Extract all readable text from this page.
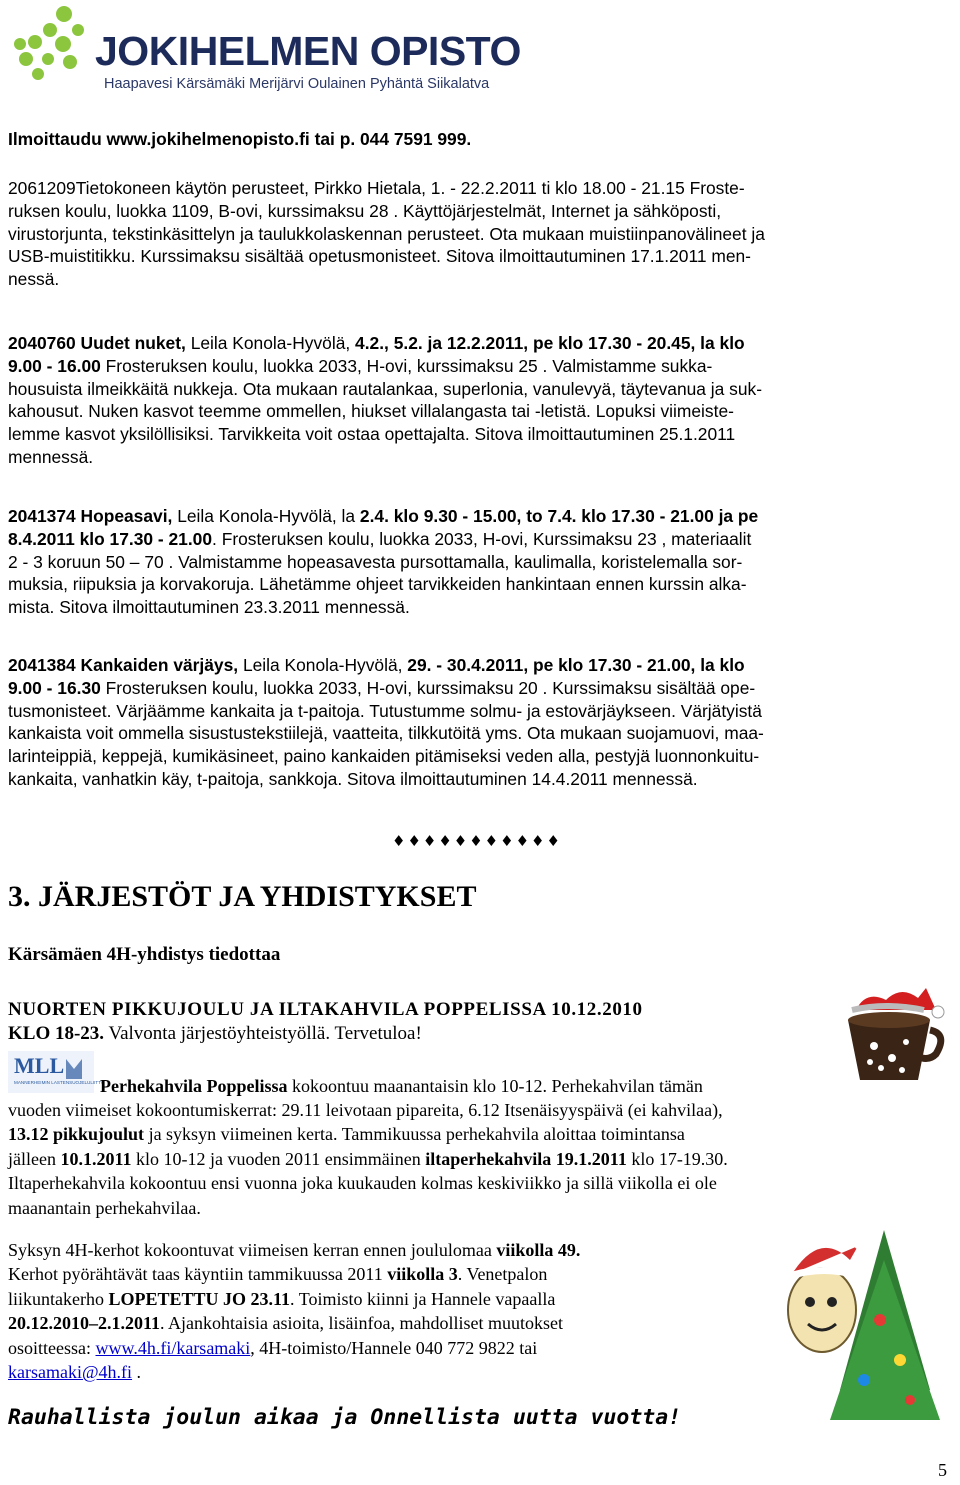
JOKIHELMEN OPISTO
Haapavesi Kärsämäki Merijärvi Oulainen Pyhäntä Siikalatva

Ilmoittaudu www.jokihelmenopisto.fi tai p. 044 7591 999.

2061209Tietokoneen käytön perusteet, Pirkko Hietala, 1. - 22.2.2011 ti klo 18.00 - 21.15 Froste-

ruksen koulu, luokka 1109, B-ovi, kurssimaksu 28 . Käyttöjärjestelmät, Internet ja sähköposti,

virustorjunta, tekstinkäsittelyn ja taulukkolaskennan perusteet. Ota mukaan muistiinpanovälineet ja

USB-muistitikku. Kurssimaksu sisältää opetusmonisteet. Sitova ilmoittautuminen 17.1.2011 men-

nessä.

2040760 Uudet nuket, Leila Konola-Hyvölä, 4.2., 5.2. ja 12.2.2011, pe klo 17.30 - 20.45, la klo

9.00 - 16.00 Frosteruksen koulu, luokka 2033, H-ovi, kurssimaksu 25 . Valmistamme sukka-

housuista ilmeikkäitä nukkeja. Ota mukaan rautalankaa, superlonia, vanulevyä, täytevanua ja suk-

kahousut. Nuken kasvot teemme ommellen, hiukset villalangasta tai -letistä. Lopuksi viimeiste-

lemme kasvot yksilöllisiksi. Tarvikkeita voit ostaa opettajalta. Sitova ilmoittautuminen 25.1.2011

mennessä.

2041374 Hopeasavi, Leila Konola-Hyvölä, la 2.4. klo 9.30 - 15.00, to 7.4. klo 17.30 - 21.00 ja pe

8.4.2011 klo 17.30 - 21.00. Frosteruksen koulu, luokka 2033, H-ovi, Kurssimaksu 23 , materiaalit

2 - 3 koruun 50 – 70 . Valmistamme hopeasavesta pursottamalla, kaulimalla, koristelemalla sor-

muksia, riipuksia ja korvakoruja. Lähetämme ohjeet tarvikkeiden hankintaan ennen kurssin alka-

mista. Sitova ilmoittautuminen 23.3.2011 mennessä.

2041384 Kankaiden värjäys, Leila Konola-Hyvölä, 29. - 30.4.2011, pe klo 17.30 - 21.00, la klo

9.00 - 16.30 Frosteruksen koulu, luokka 2033, H-ovi, kurssimaksu 20 . Kurssimaksu sisältää ope-

tusmonisteet. Värjäämme kankaita ja t-paitoja. Tutustumme solmu- ja estovärjäykseen. Värjätyistä

kankaista voit ommella sisustustekstiilejä, vaatteita, tilkkutöitä yms. Ota mukaan suojamuovi, maa-

larinteippiä, keppejä, kumikäsineet, paino kankaiden pitämiseksi veden alla, pestyjä luonnonkuitu-

kankaita, vanhatkin käy, t-paitoja, sankkoja. Sitova ilmoittautuminen 14.4.2011 mennessä.

♦♦♦♦♦♦♦♦♦♦♦
3. JÄRJESTÖT JA YHDISTYKSET
Kärsämäen 4H-yhdistys tiedottaa
NUORTEN PIKKUJOULU JA ILTAKAHVILA POPPELISSA 10.12.2010
KLO 18-23. Valvonta järjestöyhteistyöllä. Tervetuloa!
MLL
MANNERHEIMIN LASTENSUOJELULIITTO

Perhekahvila Poppelissa kokoontuu maanantaisin klo 10-12. Perhekahvilan tämän

vuoden viimeiset kokoontumiskerrat: 29.11 leivotaan pipareita, 6.12 Itsenäisyyspäivä (ei kahvilaa),

13.12 pikkujoulut ja syksyn viimeinen kerta. Tammikuussa perhekahvila aloittaa toimintansa

jälleen 10.1.2011 klo 10-12 ja vuoden 2011 ensimmäinen iltaperhekahvila 19.1.2011 klo 17-19.30.

Iltaperhekahvila kokoontuu ensi vuonna joka kuukauden kolmas keskiviikko ja sillä viikolla ei ole

maanantain perhekahvilaa.

Syksyn 4H-kerhot kokoontuvat viimeisen kerran ennen joululomaa viikolla 49.

Kerhot pyörähtävät taas käyntiin tammikuussa 2011 viikolla 3. Venetpalon

liikuntakerho LOPETETTU JO 23.11. Toimisto kiinni ja Hannele vapaalla

20.12.2010–2.1.2011. Ajankohtaisia asioita, lisäinfoa, mahdolliset muutokset

osoitteessa: www.4h.fi/karsamaki, 4H-toimisto/Hannele 040 772 9822 tai

karsamaki@4h.fi .

Rauhallista joulun aikaa ja Onnellista uutta vuotta!
5
